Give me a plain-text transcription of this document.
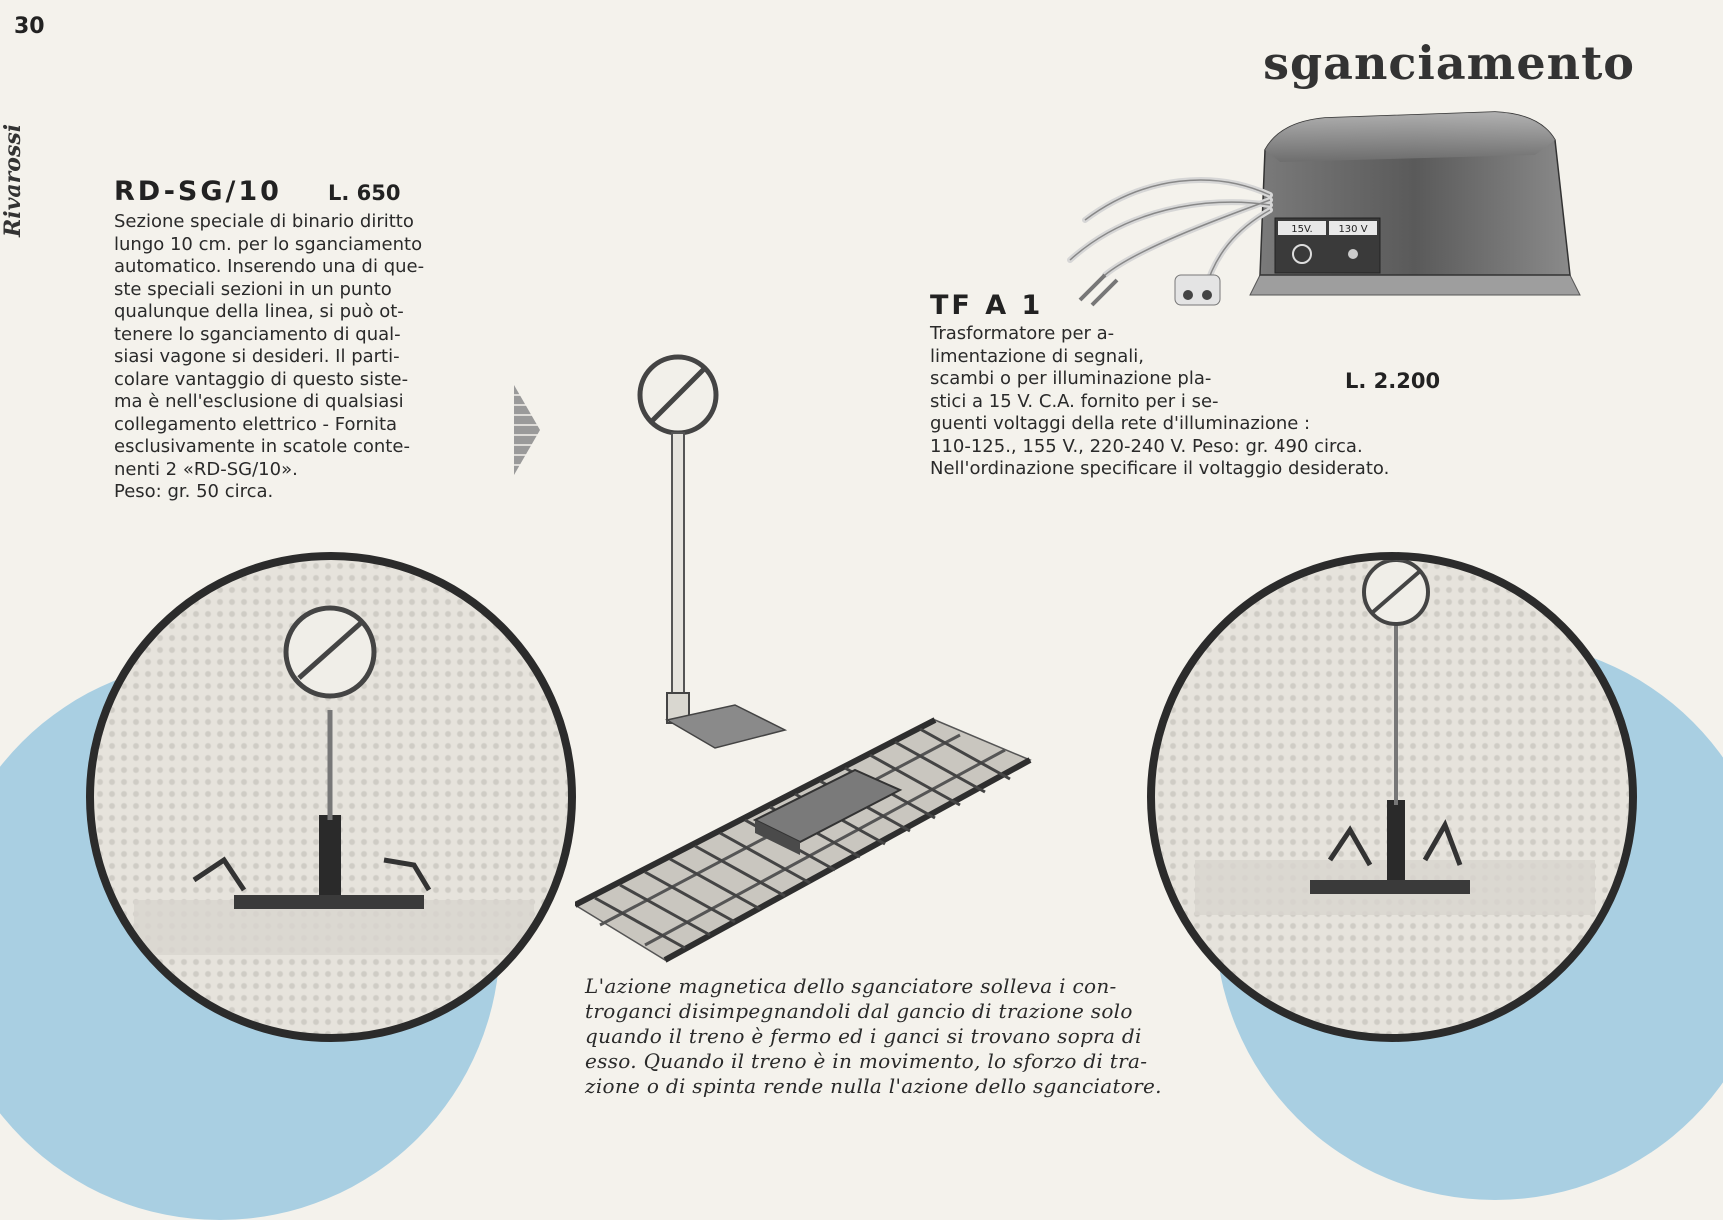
30
Rivarossi
sganciamento
RD-SG/10 L. 650

Sezione speciale di binario diritto

lungo 10 cm. per lo sganciamento

automatico. Inserendo una di que-

ste speciali sezioni in un punto

qualunque della linea, si può ot-

tenere lo sganciamento di qual-

siasi vagone si desideri. Il parti-

colare vantaggio di questo siste-

ma è nell'esclusione di qualsiasi

collegamento elettrico - Fornita

esclusivamente in scatole conte-

nenti 2 «RD-SG/10».

Peso: gr. 50 circa.

15V.	130 V
TF A 1

Trasformatore per a-

limentazione di segnali,

scambi o per illuminazione pla-

stici a 15 V. C.A. fornito per i se-

guenti voltaggi della rete d'illuminazione :

110-125., 155 V., 220-240 V. Peso: gr. 490 circa.

Nell'ordinazione specificare il voltaggio desiderato.

L. 2.200

L'azione magnetica dello sganciatore solleva i con-

troganci disimpegnandoli dal gancio di trazione solo

quando il treno è fermo ed i ganci si trovano sopra di

esso. Quando il treno è in movimento, lo sforzo di tra-

zione o di spinta rende nulla l'azione dello sganciatore.
